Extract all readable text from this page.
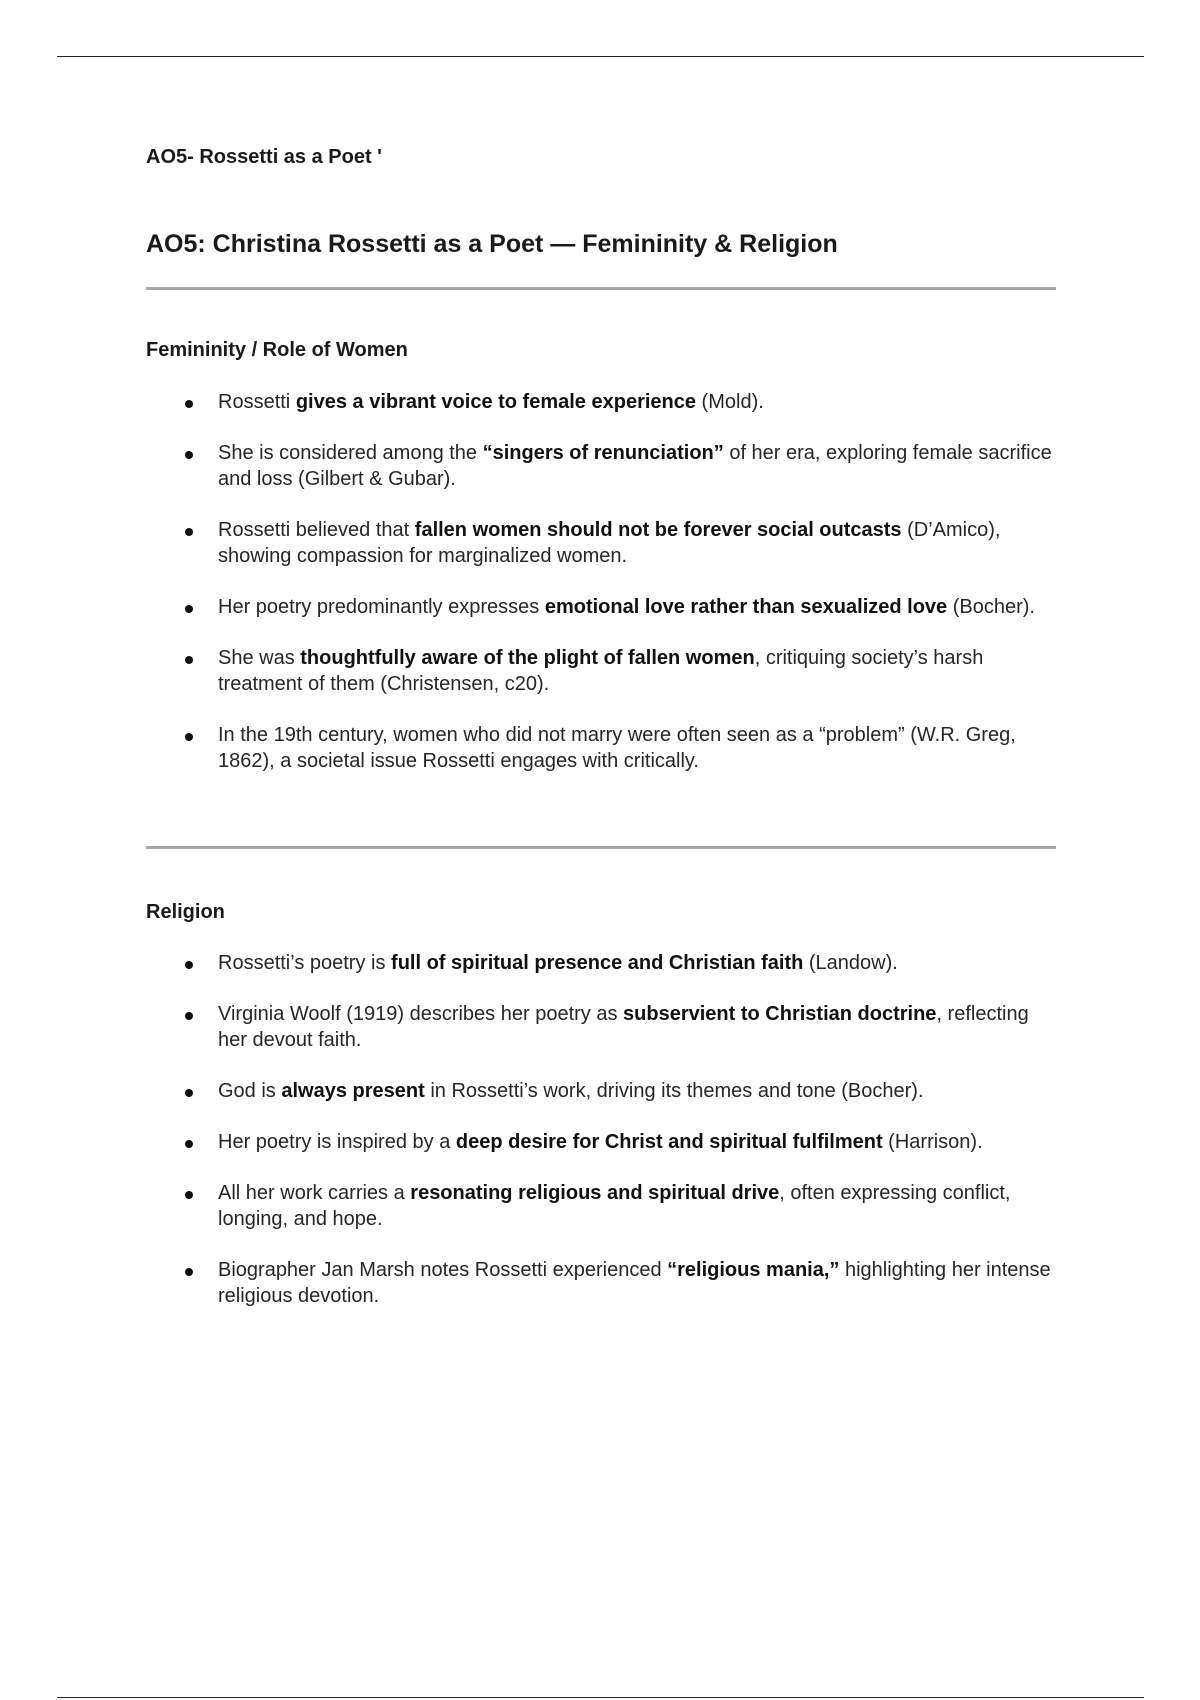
AO5- Rossetti as a Poet '

AO5: Christina Rossetti as a Poet — Femininity & Religion
Femininity / Role of Women
Rossetti gives a vibrant voice to female experience (Mold).
She is considered among the “singers of renunciation” of her era, exploring female sacrifice and loss (Gilbert & Gubar).
Rossetti believed that fallen women should not be forever social outcasts (D’Amico), showing compassion for marginalized women.
Her poetry predominantly expresses emotional love rather than sexualized love (Bocher).
She was thoughtfully aware of the plight of fallen women, critiquing society’s harsh treatment of them (Christensen, c20).
In the 19th century, women who did not marry were often seen as a “problem” (W.R. Greg, 1862), a societal issue Rossetti engages with critically.
Religion
Rossetti’s poetry is full of spiritual presence and Christian faith (Landow).
Virginia Woolf (1919) describes her poetry as subservient to Christian doctrine, reflecting her devout faith.
God is always present in Rossetti’s work, driving its themes and tone (Bocher).
Her poetry is inspired by a deep desire for Christ and spiritual fulfilment (Harrison).
All her work carries a resonating religious and spiritual drive, often expressing conflict, longing, and hope.
Biographer Jan Marsh notes Rossetti experienced “religious mania,” highlighting her intense religious devotion.
